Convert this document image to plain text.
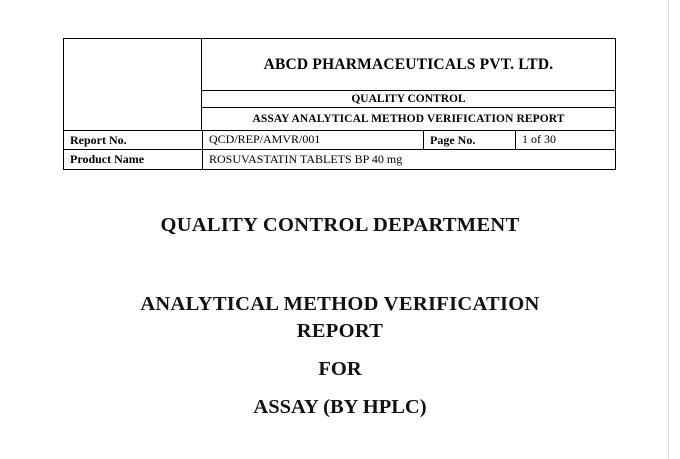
ABCD PHARMACEUTICALS PVT. LTD.
QUALITY CONTROL
ASSAY ANALYTICAL METHOD VERIFICATION REPORT
Report No.	QCD/REP/AMVR/001	Page No.	1 of 30
Product Name	ROSUVASTATIN TABLETS BP 40 mg
QUALITY CONTROL DEPARTMENT
ANALYTICAL METHOD VERIFICATION
REPORT
FOR
ASSAY (BY HPLC)
